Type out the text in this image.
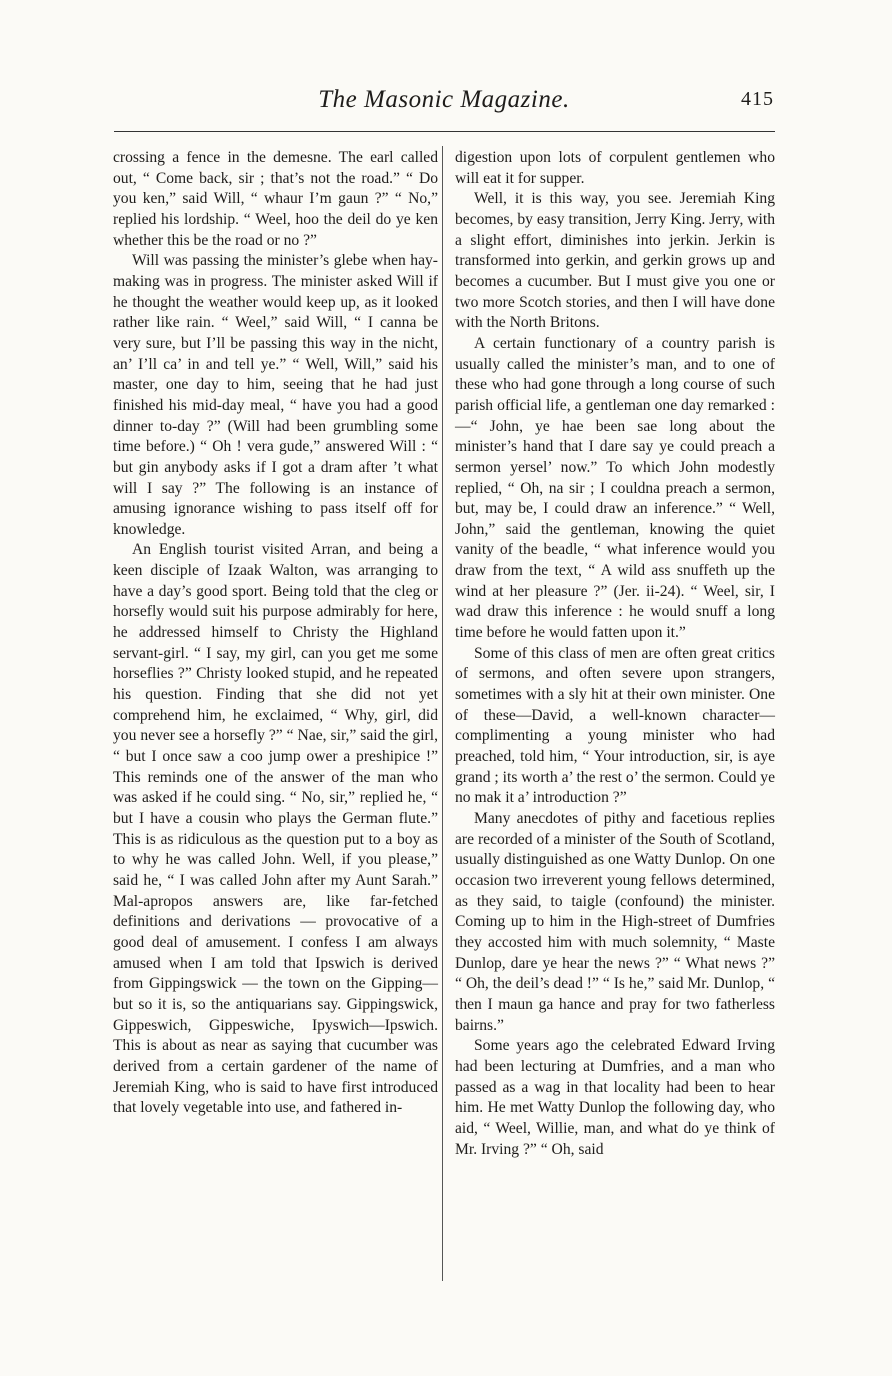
The Masonic Magazine.	415

crossing a fence in the demesne. The earl called out, “ Come back, sir ; that’s not the road.” “ Do you ken,” said Will, “ whaur I’m gaun ?” “ No,” replied his lordship. “ Weel, hoo the deil do ye ken whether this be the road or no ?”

Will was passing the minister’s glebe when hay-making was in progress. The minister asked Will if he thought the weather would keep up, as it looked rather like rain. “ Weel,” said Will, “ I canna be very sure, but I’ll be passing this way in the nicht, an’ I’ll ca’ in and tell ye.” “ Well, Will,” said his master, one day to him, seeing that he had just finished his mid-day meal, “ have you had a good dinner to-day ?” (Will had been grumbling some time before.) “ Oh ! vera gude,” answered Will : “ but gin anybody asks if I got a dram after ’t what will I say ?” The following is an instance of amusing ignorance wishing to pass itself off for knowledge.

An English tourist visited Arran, and being a keen disciple of Izaak Walton, was arranging to have a day’s good sport. Being told that the cleg or horsefly would suit his purpose admirably for here, he addressed himself to Christy the Highland servant-girl. “ I say, my girl, can you get me some horseflies ?” Christy looked stupid, and he repeated his question. Finding that she did not yet comprehend him, he exclaimed, “ Why, girl, did you never see a horsefly ?” “ Nae, sir,” said the girl, “ but I once saw a coo jump ower a preshipice !” This reminds one of the answer of the man who was asked if he could sing. “ No, sir,” replied he, “ but I have a cousin who plays the German flute.” This is as ridiculous as the question put to a boy as to why he was called John. Well, if you please,” said he, “ I was called John after my Aunt Sarah.” Mal-apropos answers are, like far-fetched definitions and derivations — provocative of a good deal of amusement. I confess I am always amused when I am told that Ipswich is derived from Gippingswick — the town on the Gipping—but so it is, so the antiquarians say. Gippingswick, Gippeswich, Gippeswiche, Ipyswich—Ipswich. This is about as near as saying that cucumber was derived from a certain gardener of the name of Jeremiah King, who is said to have first introduced that lovely vegetable into use, and fathered in-

digestion upon lots of corpulent gentlemen who will eat it for supper.

Well, it is this way, you see. Jeremiah King becomes, by easy transition, Jerry King. Jerry, with a slight effort, diminishes into jerkin. Jerkin is transformed into gerkin, and gerkin grows up and becomes a cucumber. But I must give you one or two more Scotch stories, and then I will have done with the North Britons.

A certain functionary of a country parish is usually called the minister’s man, and to one of these who had gone through a long course of such parish official life, a gentleman one day remarked :—“ John, ye hae been sae long about the minister’s hand that I dare say ye could preach a sermon yersel’ now.” To which John modestly replied, “ Oh, na sir ; I couldna preach a sermon, but, may be, I could draw an inference.” “ Well, John,” said the gentleman, knowing the quiet vanity of the beadle, “ what inference would you draw from the text, “ A wild ass snuffeth up the wind at her pleasure ?” (Jer. ii-24). “ Weel, sir, I wad draw this inference : he would snuff a long time before he would fatten upon it.”

Some of this class of men are often great critics of sermons, and often severe upon strangers, sometimes with a sly hit at their own minister. One of these—David, a well-known character—complimenting a young minister who had preached, told him, “ Your introduction, sir, is aye grand ; its worth a’ the rest o’ the sermon. Could ye no mak it a’ introduction ?”

Many anecdotes of pithy and facetious replies are recorded of a minister of the South of Scotland, usually distinguished as one Watty Dunlop. On one occasion two irreverent young fellows determined, as they said, to taigle (confound) the minister. Coming up to him in the High-street of Dumfries they accosted him with much solemnity, “ Maste Dunlop, dare ye hear the news ?” “ What news ?” “ Oh, the deil’s dead !” “ Is he,” said Mr. Dunlop, “ then I maun ga hance and pray for two fatherless bairns.”

Some years ago the celebrated Edward Irving had been lecturing at Dumfries, and a man who passed as a wag in that locality had been to hear him. He met Watty Dunlop the following day, who aid, “ Weel, Willie, man, and what do ye think of Mr. Irving ?” “ Oh, said
